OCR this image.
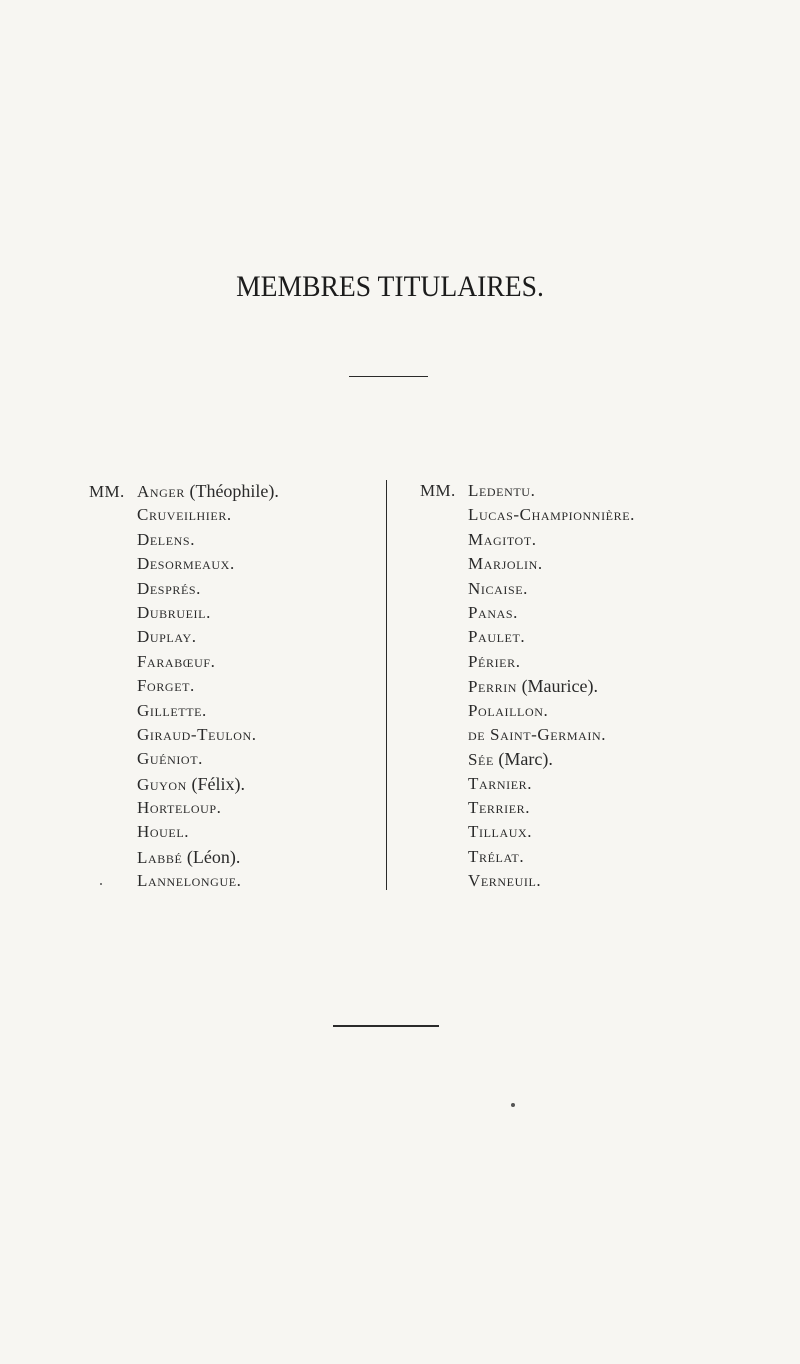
MEMBRES TITULAIRES.
MM. Anger (Théophile).
Cruveilhier.
Delens.
Desormeaux.
Després.
Dubrueil.
Duplay.
Farabœuf.
Forget.
Gillette.
Giraud-Teulon.
Guéniot.
Guyon (Félix).
Horteloup.
Houel.
Labbé (Léon).
Lannelongue.
MM. Ledentu.
Lucas-Championnière.
Magitot.
Marjolin.
Nicaise.
Panas.
Paulet.
Périer.
Perrin (Maurice).
Polaillon.
de Saint-Germain.
Sée (Marc).
Tarnier.
Terrier.
Tillaux.
Trélat.
Verneuil.
